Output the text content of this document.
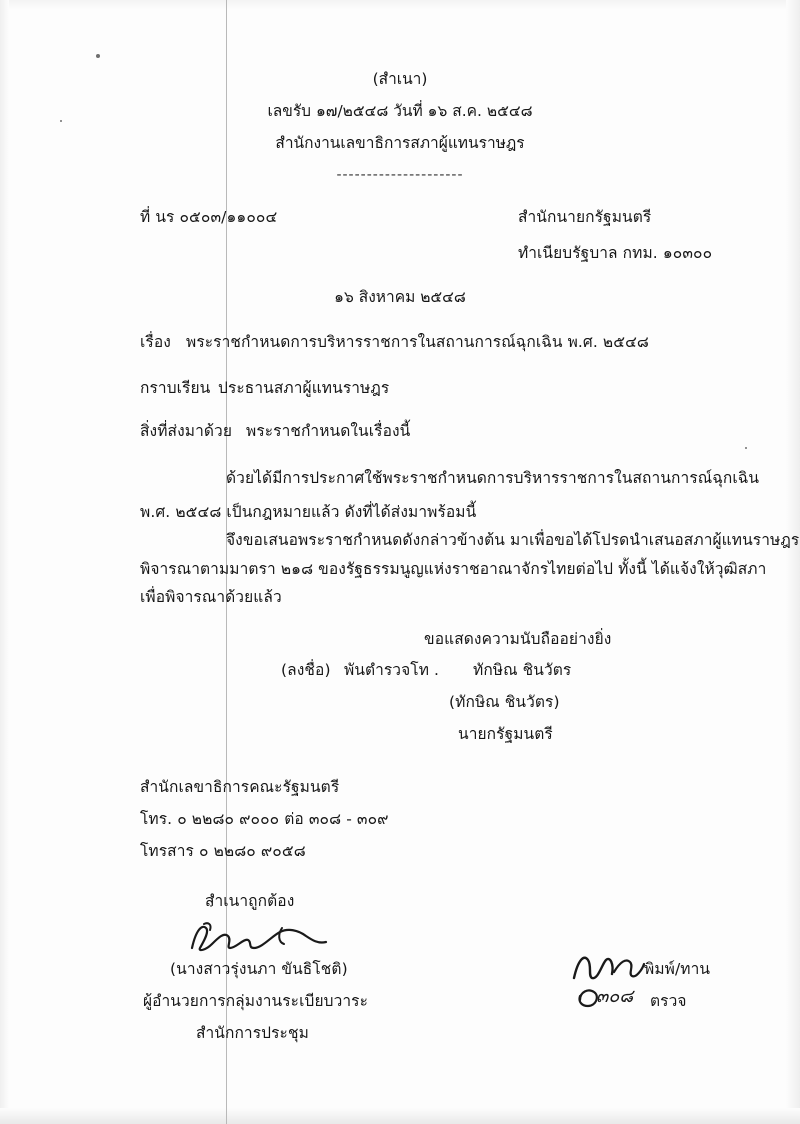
(สำเนา)
เลขรับ ๑๗/๒๕๔๘ วันที่ ๑๖ ส.ค. ๒๕๔๘
สำนักงานเลขาธิการสภาผู้แทนราษฎร
---------------------
ที่ นร ๐๕๐๓/๑๑๐๐๔	สำนักนายกรัฐมนตรี
ทำเนียบรัฐบาล กทม. ๑๐๓๐๐
๑๖ สิงหาคม ๒๕๔๘
เรื่อง พระราชกำหนดการบริหารราชการในสถานการณ์ฉุกเฉิน พ.ศ. ๒๕๔๘
กราบเรียน ประธานสภาผู้แทนราษฎร
สิ่งที่ส่งมาด้วย พระราชกำหนดในเรื่องนี้
ด้วยได้มีการประกาศใช้พระราชกำหนดการบริหารราชการในสถานการณ์ฉุกเฉิน
พ.ศ. ๒๕๔๘ เป็นกฎหมายแล้ว ดังที่ได้ส่งมาพร้อมนี้
จึงขอเสนอพระราชกำหนดดังกล่าวข้างต้น มาเพื่อขอได้โปรดนำเสนอสภาผู้แทนราษฎร
พิจารณาตามมาตรา ๒๑๘ ของรัฐธรรมนูญแห่งราชอาณาจักรไทยต่อไป ทั้งนี้ ได้แจ้งให้วุฒิสภา
เพื่อพิจารณาด้วยแล้ว
ขอแสดงความนับถืออย่างยิ่ง
(ลงชื่อ) พันตำรวจโท . ทักษิณ ชินวัตร
(ทักษิณ ชินวัตร)
นายกรัฐมนตรี
สำนักเลขาธิการคณะรัฐมนตรี
โทร. ๐ ๒๒๘๐ ๙๐๐๐ ต่อ ๓๐๘ - ๓๐๙
โทรสาร ๐ ๒๒๘๐ ๙๐๕๘
สำเนาถูกต้อง
(นางสาวรุ่งนภา ขันธิโชติ)
ผู้อำนวยการกลุ่มงานระเบียบวาระ
สำนักการประชุม
พิมพ์/ทาน
๓๐๘ ตรวจ
